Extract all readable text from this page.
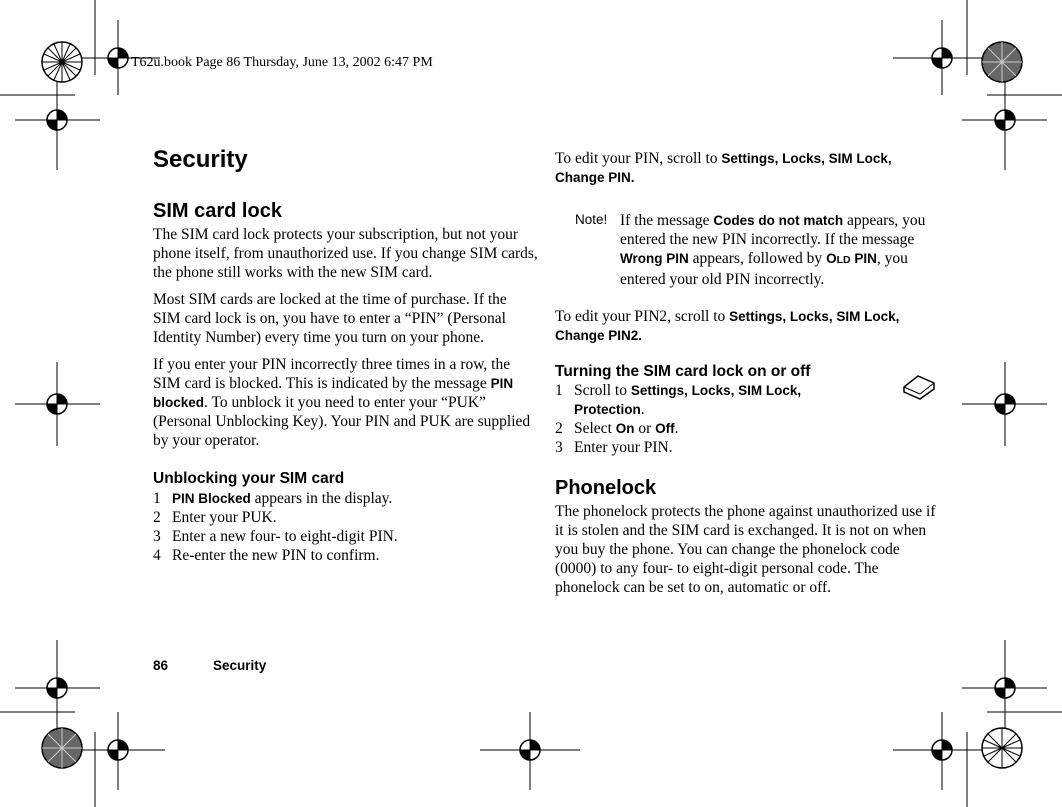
T62u.book Page 86 Thursday, June 13, 2002 6:47 PM
Security
SIM card lock

The SIM card lock protects your subscription, but not your phone itself, from unauthorized use. If you change SIM cards, the phone still works with the new SIM card.

Most SIM cards are locked at the time of purchase. If the SIM card lock is on, you have to enter a “PIN” (Personal Identity Number) every time you turn on your phone.

If you enter your PIN incorrectly three times in a row, the SIM card is blocked. This is indicated by the message PIN blocked. To unblock it you need to enter your “PUK” (Personal Unblocking Key). Your PIN and PUK are supplied by your operator.

Unblocking your SIM card
1 PIN Blocked appears in the display.
2 Enter your PUK.
3 Enter a new four- to eight-digit PIN.
4 Re-enter the new PIN to confirm.

To edit your PIN, scroll to Settings, Locks, SIM Lock, Change PIN.

Note! If the message Codes do not match appears, you entered the new PIN incorrectly. If the message Wrong PIN appears, followed by OLD PIN, you entered your old PIN incorrectly.

To edit your PIN2, scroll to Settings, Locks, SIM Lock, Change PIN2.

Turning the SIM card lock on or off
1 Scroll to Settings, Locks, SIM Lock, Protection.
2 Select On or Off.
3 Enter your PIN.
Phonelock

The phonelock protects the phone against unauthorized use if it is stolen and the SIM card is exchanged. It is not on when you buy the phone. You can change the phonelock code (0000) to any four- to eight-digit personal code. The phonelock can be set to on, automatic or off.

86	Security
